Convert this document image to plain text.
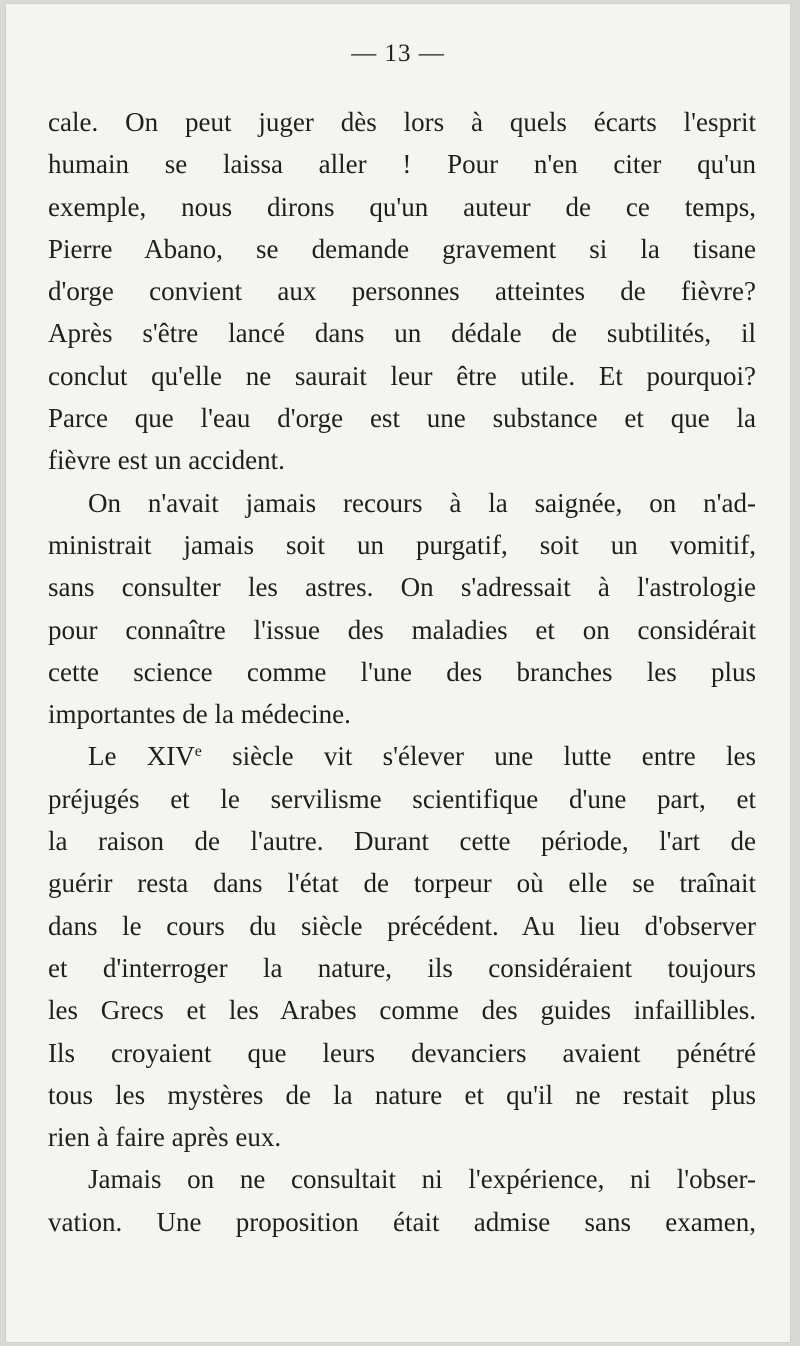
— 13 —
cale. On peut juger dès lors à quels écarts l'esprit
humain se laissa aller ! Pour n'en citer qu'un
exemple, nous dirons qu'un auteur de ce temps,
Pierre Abano, se demande gravement si la tisane
d'orge convient aux personnes atteintes de fièvre?
Après s'être lancé dans un dédale de subtilités, il
conclut qu'elle ne saurait leur être utile. Et pourquoi?
Parce que l'eau d'orge est une substance et que la
fièvre est un accident.
On n'avait jamais recours à la saignée, on n'ad-
ministrait jamais soit un purgatif, soit un vomitif,
sans consulter les astres. On s'adressait à l'astrologie
pour connaître l'issue des maladies et on considérait
cette science comme l'une des branches les plus
importantes de la médecine.
Le XIVe siècle vit s'élever une lutte entre les
préjugés et le servilisme scientifique d'une part, et
la raison de l'autre. Durant cette période, l'art de
guérir resta dans l'état de torpeur où elle se traînait
dans le cours du siècle précédent. Au lieu d'observer
et d'interroger la nature, ils considéraient toujours
les Grecs et les Arabes comme des guides infaillibles.
Ils croyaient que leurs devanciers avaient pénétré
tous les mystères de la nature et qu'il ne restait plus
rien à faire après eux.
Jamais on ne consultait ni l'expérience, ni l'obser-
vation. Une proposition était admise sans examen,
